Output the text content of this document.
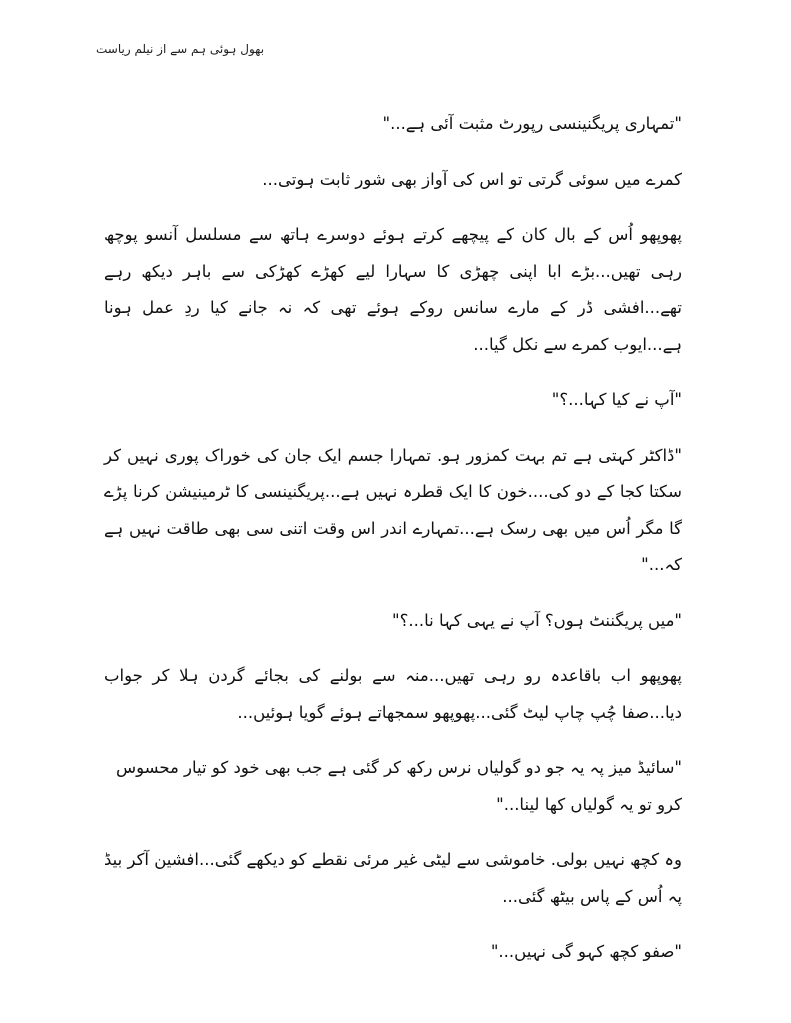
بھول ہوئی ہم سے از نیلم ریاست

"تمہاری پریگنینسی رپورٹ مثبت آئی ہے..."

کمرے میں سوئی گرتی تو اس کی آواز بھی شور ثابت ہوتی...

پھوپھو اُس کے بال کان کے پیچھے کرتے ہوئے دوسرے ہاتھ سے مسلسل آنسو پوچھ رہی تھیں...بڑے ابا اپنی چھڑی کا سہارا لیے کھڑے کھڑکی سے باہر دیکھ رہے تھے...افشی ڈر کے مارے سانس روکے ہوئے تھی کہ نہ جانے کیا ردِ عمل ہونا ہے...ایوب کمرے سے نکل گیا...

"آپ نے کیا کہا...؟"

"ڈاکٹر کہتی ہے تم بہت کمزور ہو. تمہارا جسم ایک جان کی خوراک پوری نہیں کر سکتا کجا کے دو کی....خون کا ایک قطرہ نہیں ہے...پریگنینسی کا ٹرمینیشن کرنا پڑے گا مگر اُس میں بھی رسک ہے...تمہارے اندر اس وقت اتنی سی بھی طاقت نہیں ہے کہ..."

"میں پریگننٹ ہوں؟ آپ نے یہی کہا نا...؟"

پھوپھو اب باقاعدہ رو رہی تھیں...منہ سے بولنے کی بجائے گردن ہلا کر جواب دیا...صفا چُپ چاپ لیٹ گئی...پھوپھو سمجھاتے ہوئے گویا ہوئیں...

"سائیڈ میز پہ یہ جو دو گولیاں نرس رکھ کر گئی ہے جب بھی خود کو تیار محسوس کرو تو یہ گولیاں کھا لینا..."

وہ کچھ نہیں بولی. خاموشی سے لیٹی غیر مرئی نقطے کو دیکھے گئی...افشین آکر بیڈ پہ اُس کے پاس بیٹھ گئی...

"صفو کچھ کہو گی نہیں..."
